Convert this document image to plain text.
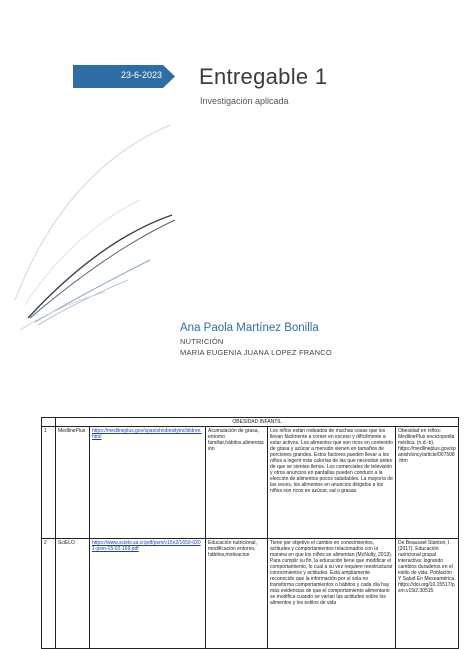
23-6-2023 Entregable 1
Investigación aplicada
Ana Paola Martínez Bonilla
NUTRICIÓN
MARIA EUGENIA JUANA LOPEZ FRANCO
	OBESIDAD INFANTIL				
1	MedlinePlus	https://medlineplus.gov/spanish/obesityinchildren.html	Acumulación de grasa, entorno familiar,hábitos,alimentación	Los niños están rodeados de muchas cosas que los llevan fácilmente a comer en exceso y difícilmente a estar activos. Los alimentos que son ricos en contenido de grasa y azúcar a menudo vienen en tamaños de porciones grandes. Estos factores pueden llevar a los niños a ingerir más calorías de las que necesitan antes de que se sientan llenos. Los comerciales de televisión y otros anuncios en pantallas pueden conducir a la elección de alimentos pocos saludables. La mayoría de las veces, los alimentos en anuncios dirigidos a los niños son ricos en azúcar, sal o grasas.	Obesidad en niños: MedlinePlus enciclopedia médica. (n.d.-b). https://medlineplus.gov/spanish/ency/article/007508.htm
2	SciELO	https://www.scielo.sa.cr/pdf/psm/v15n2/1659-0201-psm-15-02-169.pdf	Educación nutricional, modificación entorno, hábitos,motivacion	Tiene por objetivo el cambio en conocimientos, actitudes y comportamientos relacionados con la manera en que los niños se alimentan (McNulty, 2013). Para cumplir su fin, la educación tiene que modificar el comportamiento, lo cual a su vez requiere reestructurar conocimientos y actitudes. Está ampliamente reconocido que la información por sí sola no transforma comportamientos o hábitos y cada día hay más evidencias de que el comportamiento alimentario se modifica cuando se varían las actitudes sobre los alimentos y los estilos de vida	De Beausset Stanton, I. (2017). Educación nutricional grupal interactiva: logrando cambios duraderos en el estilo de vida. Población Y Salud En Mesoamérica. https://doi.org/10.15517/psm.v15i2.30515
